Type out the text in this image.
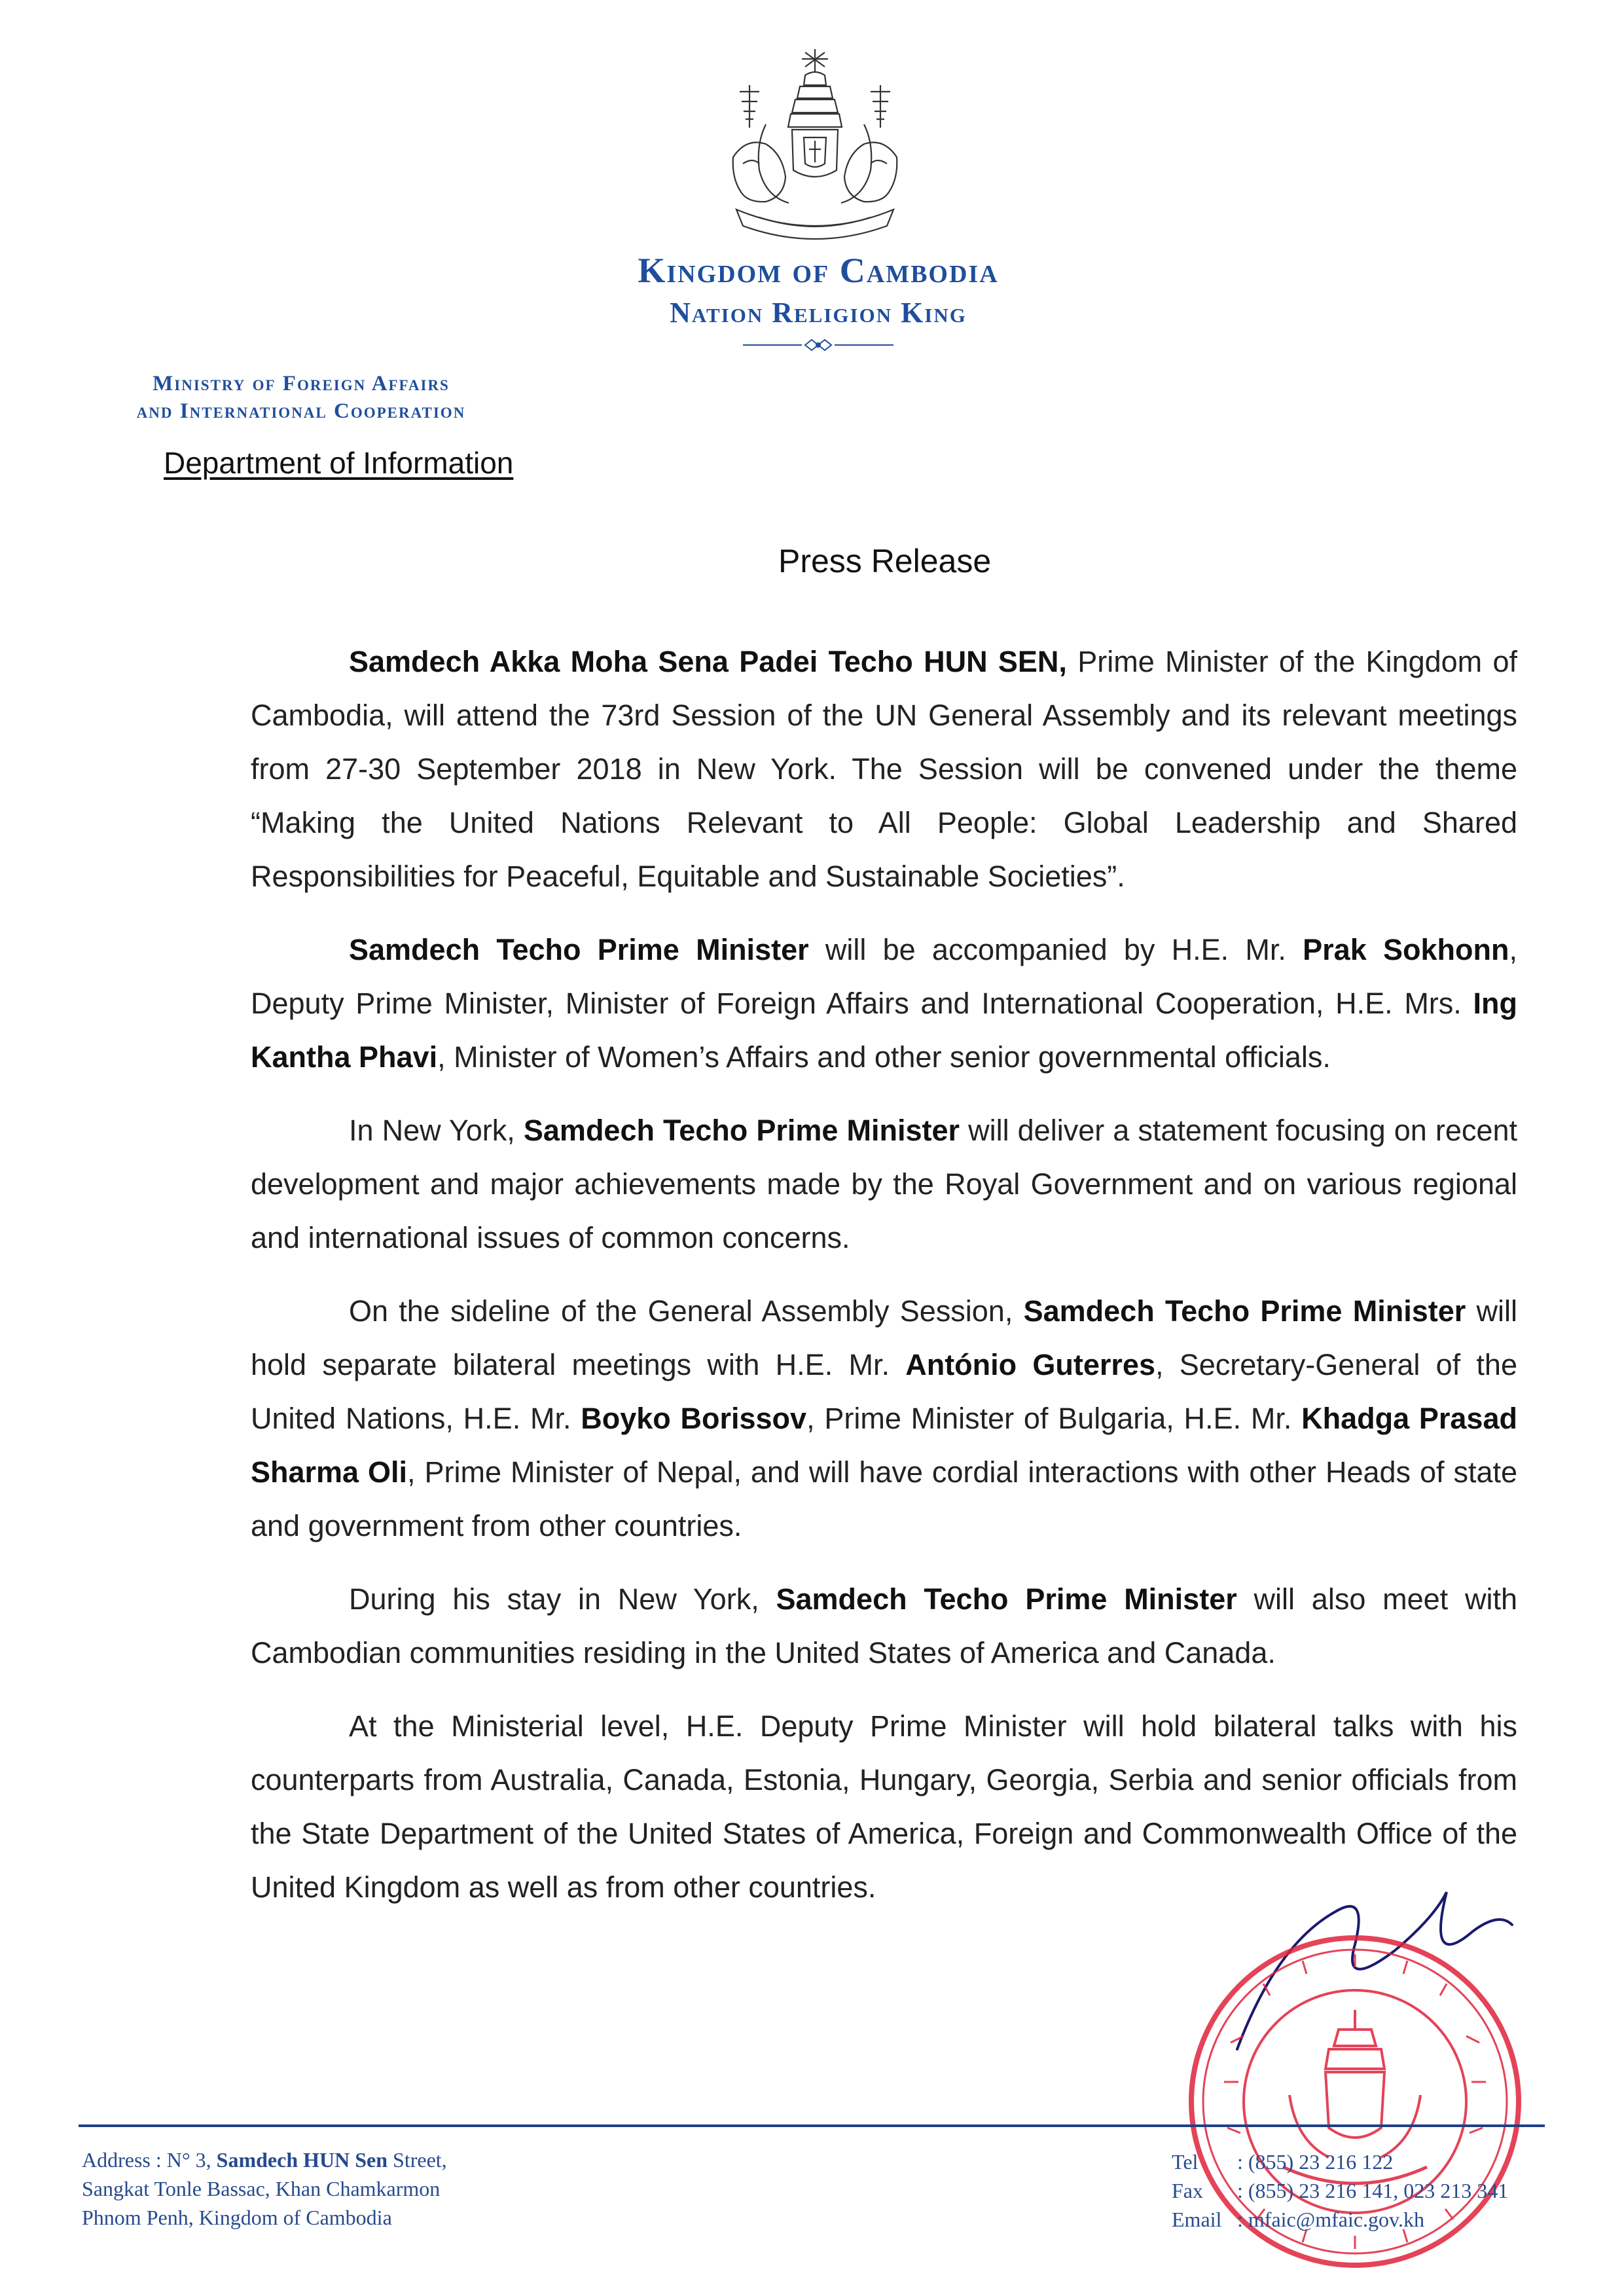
Kingdom of Cambodia
Nation Religion King
Ministry of Foreign Affairs
and International Cooperation
Department of Information
Press Release

Samdech Akka Moha Sena Padei Techo HUN SEN, Prime Minister of the Kingdom of Cambodia, will attend the 73rd Session of the UN General Assembly and its relevant meetings from 27-30 September 2018 in New York. The Session will be convened under the theme “Making the United Nations Relevant to All People: Global Leadership and Shared Responsibilities for Peaceful, Equitable and Sustainable Societies”.

Samdech Techo Prime Minister will be accompanied by H.E. Mr. Prak Sokhonn, Deputy Prime Minister, Minister of Foreign Affairs and International Cooperation, H.E. Mrs. Ing Kantha Phavi, Minister of Women’s Affairs and other senior governmental officials.

In New York, Samdech Techo Prime Minister will deliver a statement focusing on recent development and major achievements made by the Royal Government and on various regional and international issues of common concerns.

On the sideline of the General Assembly Session, Samdech Techo Prime Minister will hold separate bilateral meetings with H.E. Mr. António Guterres, Secretary-General of the United Nations, H.E. Mr. Boyko Borissov, Prime Minister of Bulgaria, H.E. Mr. Khadga Prasad Sharma Oli, Prime Minister of Nepal, and will have cordial interactions with other Heads of state and government from other countries.

During his stay in New York, Samdech Techo Prime Minister will also meet with Cambodian communities residing in the United States of America and Canada.

At the Ministerial level, H.E. Deputy Prime Minister will hold bilateral talks with his counterparts from Australia, Canada, Estonia, Hungary, Georgia, Serbia and senior officials from the State Department of the United States of America, Foreign and Commonwealth Office of the United Kingdom as well as from other countries.

Address : N° 3, Samdech HUN Sen Street,
Sangkat Tonle Bassac, Khan Chamkarmon
Phnom Penh, Kingdom of Cambodia
Tel : (855) 23 216 122
Fax : (855) 23 216 141, 023 213 341
Email : mfaic@mfaic.gov.kh
